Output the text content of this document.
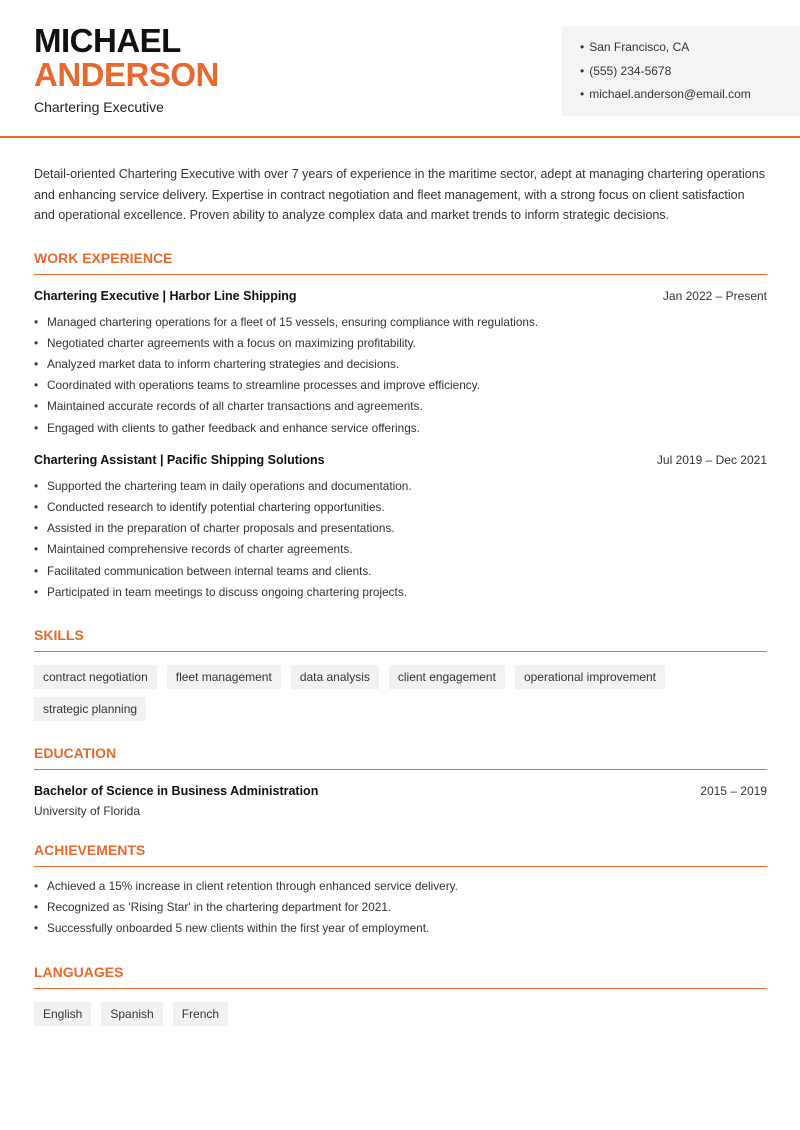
MICHAEL
ANDERSON
Chartering Executive
• San Francisco, CA
• (555) 234-5678
• michael.anderson@email.com

Detail-oriented Chartering Executive with over 7 years of experience in the maritime sector, adept at managing chartering operations and enhancing service delivery. Expertise in contract negotiation and fleet management, with a strong focus on client satisfaction and operational excellence. Proven ability to analyze complex data and market trends to inform strategic decisions.

WORK EXPERIENCE
Chartering Executive | Harbor Line Shipping	Jan 2022 – Present
• Managed chartering operations for a fleet of 15 vessels, ensuring compliance with regulations.
• Negotiated charter agreements with a focus on maximizing profitability.
• Analyzed market data to inform chartering strategies and decisions.
• Coordinated with operations teams to streamline processes and improve efficiency.
• Maintained accurate records of all charter transactions and agreements.
• Engaged with clients to gather feedback and enhance service offerings.
Chartering Assistant | Pacific Shipping Solutions	Jul 2019 – Dec 2021
• Supported the chartering team in daily operations and documentation.
• Conducted research to identify potential chartering opportunities.
• Assisted in the preparation of charter proposals and presentations.
• Maintained comprehensive records of charter agreements.
• Facilitated communication between internal teams and clients.
• Participated in team meetings to discuss ongoing chartering projects.
SKILLS
contract negotiation	fleet management	data analysis	client engagement	operational improvement
strategic planning
EDUCATION
Bachelor of Science in Business Administration	2015 – 2019
University of Florida
ACHIEVEMENTS
• Achieved a 15% increase in client retention through enhanced service delivery.
• Recognized as 'Rising Star' in the chartering department for 2021.
• Successfully onboarded 5 new clients within the first year of employment.
LANGUAGES
English	Spanish	French
